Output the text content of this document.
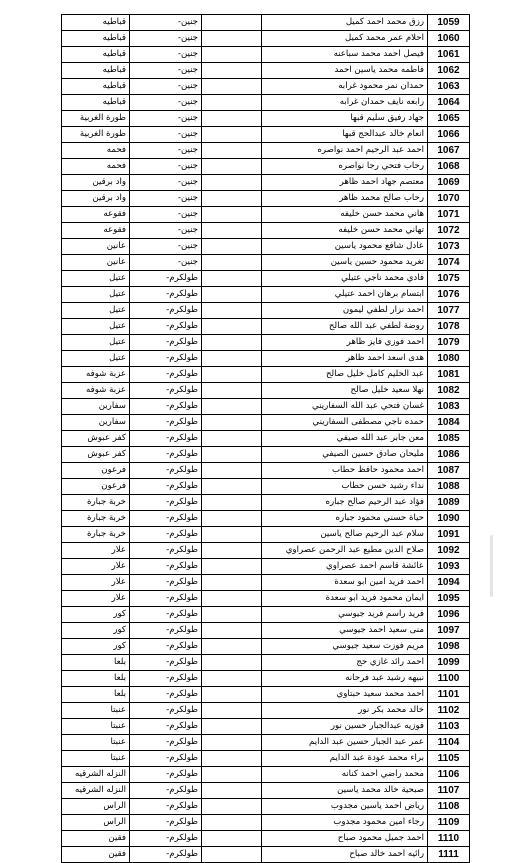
قباطيه	جنين-		رزق محمد احمد كميل	1059
قباطيه	جنين-		احلام عمر محمد كميل	1060
قباطيه	جنين-		فيصل احمد محمد سباعنه	1061
قباطيه	جنين-		فاطمه محمد ياسين احمد	1062
قباطيه	جنين-		حمدان نمر محمود غرابه	1063
قباطيه	جنين-		رابعه نايف حمدان غرابه	1064
طورة الغربية	جنين-		جهاد رفيق سليم قبها	1065
طورة الغربية	جنين-		انعام خالد عبدالحج قبها	1066
فحمه	جنين-		احمد عبد الرحيم احمد نواصره	1067
فحمه	جنين-		رحاب فتحي رجا نواصره	1068
واد برقين	جنين-		معتصم جهاد احمد ظاهر	1069
واد برقين	جنين-		رحاب صالح محمد ظاهر	1070
فقوعه	جنين-		هاني محمد حسن خليفه	1071
فقوعه	جنين-		تهاني محمد حسن خليفه	1072
عانين	جنين-		عادل شافع محمود ياسين	1073
عانين	جنين-		تغريد محمود حسين ياسين	1074
عتيل	طولكرم-		فادي محمد ناجي عتيلي	1075
عتيل	طولكرم-		ابتسام برهان احمد عتيلي	1076
عتيل	طولكرم-		احمد نزار لطفي ليمون	1077
عتيل	طولكرم-		روضة لطفي عبد الله صالح	1078
عتيل	طولكرم-		احمد فوزي فايز ظاهر	1079
عتيل	طولكرم-		هدى اسعد احمد ظاهر	1080
عزبة شوفه	طولكرم-		عبد الحليم كامل خليل صالح	1081
عزبة شوفه	طولكرم-		نهلا سعيد خليل صالح	1082
سفارين	طولكرم-		غسان فتحي عبد الله السفاريني	1083
سفارين	طولكرم-		حمده ناجي مصطفى السفاريني	1084
كفر عبوش	طولكرم-		معن جابر عبد الله صيفي	1085
كفر عبوش	طولكرم-		مليحان صادق حسين الصيفي	1086
فرعون	طولكرم-		احمد محمود حافظ حطاب	1087
فرعون	طولكرم-		نداء رشيد حسن حطاب	1088
خربة جبارة	طولكرم-		فؤاد عبد الرحيم صالح جباره	1089
خربة جبارة	طولكرم-		حياة حسني محمود جباره	1090
خربة جبارة	طولكرم-		سلام عبد الرحيم صالح ياسين	1091
علار	طولكرم-		صلاح الدين مطيع عبد الرحمن عصراوي	1092
علار	طولكرم-		عائشة قاسم احمد عصراوي	1093
علار	طولكرم-		احمد فريد امين ابو سعدة	1094
علار	طولكرم-		ايمان محمود فريد ابو سعدة	1095
كور	طولكرم-		فريد راسم فريد جيوسي	1096
كور	طولكرم-		منى سعيد احمد جيوسي	1097
كور	طولكرم-		مريم فوزت سعيد جيوسي	1098
بلعا	طولكرم-		احمد رائد غازي حج	1099
بلعا	طولكرم-		نبيهه رشيد عبد فرحانه	1100
بلعا	طولكرم-		احمد محمد سعيد حبتاوي	1101
عنبتا	طولكرم-		خالد محمد بكر نور	1102
عنبتا	طولكرم-		فوزيه عبدالجبار حسين نور	1103
عنبتا	طولكرم-		عمر عبد الجبار حسين عبد الدايم	1104
عنبتا	طولكرم-		براء محمد عودة عبد الدايم	1105
النزله الشرقيه	طولكرم-		محمد راضي احمد كنانه	1106
النزله الشرقيه	طولكرم-		صبحية خالد محمد ياسين	1107
الراس	طولكرم-		رياض احمد ياسين مجدوب	1108
الراس	طولكرم-		رجاء امين محمود مجدوب	1109
فقين	طولكرم-		احمد جميل محمود صباح	1110
فقين	طولكرم-		رائيه احمد خالد صباح	1111
